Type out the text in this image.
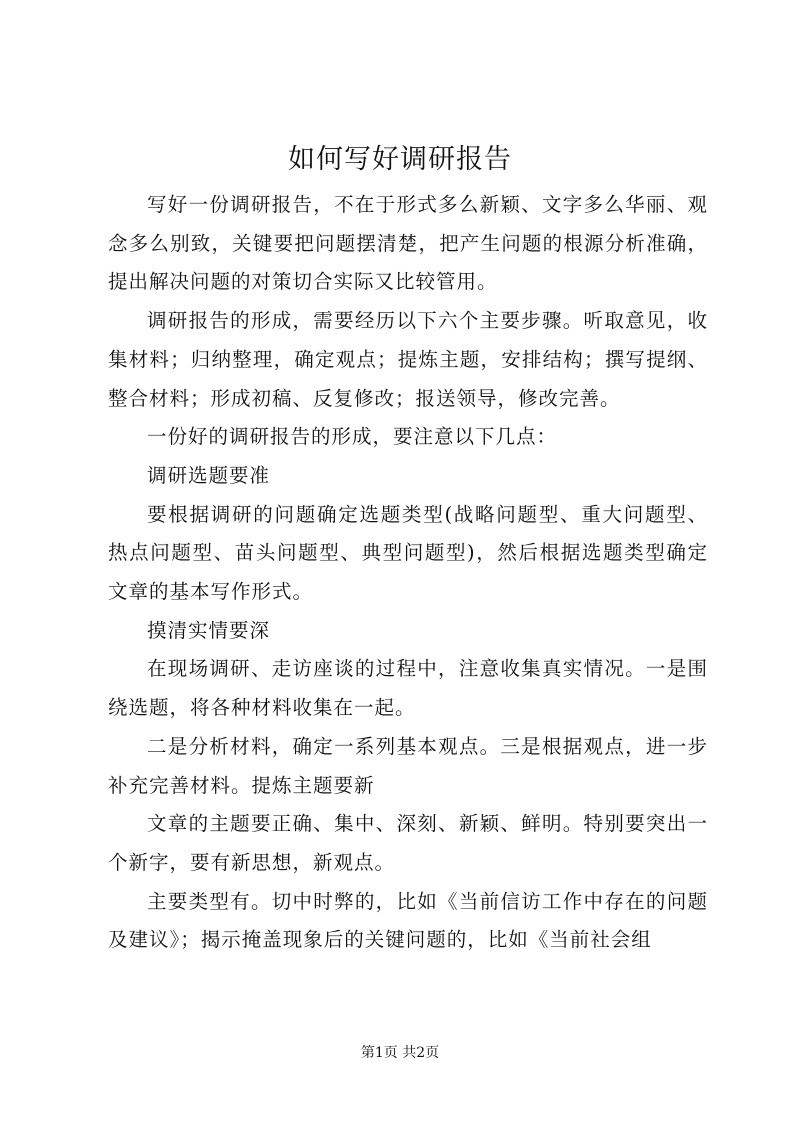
如何写好调研报告

写好一份调研报告，不在于形式多么新颖、文字多么华丽、观念多么别致，关键要把问题摆清楚，把产生问题的根源分析准确，提出解决问题的对策切合实际又比较管用。

调研报告的形成，需要经历以下六个主要步骤。听取意见，收集材料；归纳整理，确定观点；提炼主题，安排结构；撰写提纲、整合材料；形成初稿、反复修改；报送领导，修改完善。

一份好的调研报告的形成，要注意以下几点：

调研选题要准

要根据调研的问题确定选题类型(战略问题型、重大问题型、热点问题型、苗头问题型、典型问题型)，然后根据选题类型确定文章的基本写作形式。

摸清实情要深

在现场调研、走访座谈的过程中，注意收集真实情况。一是围绕选题，将各种材料收集在一起。

二是分析材料，确定一系列基本观点。三是根据观点，进一步补充完善材料。提炼主题要新

文章的主题要正确、集中、深刻、新颖、鲜明。特别要突出一个新字，要有新思想，新观点。

主要类型有。切中时弊的，比如《当前信访工作中存在的问题及建议》；揭示掩盖现象后的关键问题的，比如《当前社会组

第1页 共2页
